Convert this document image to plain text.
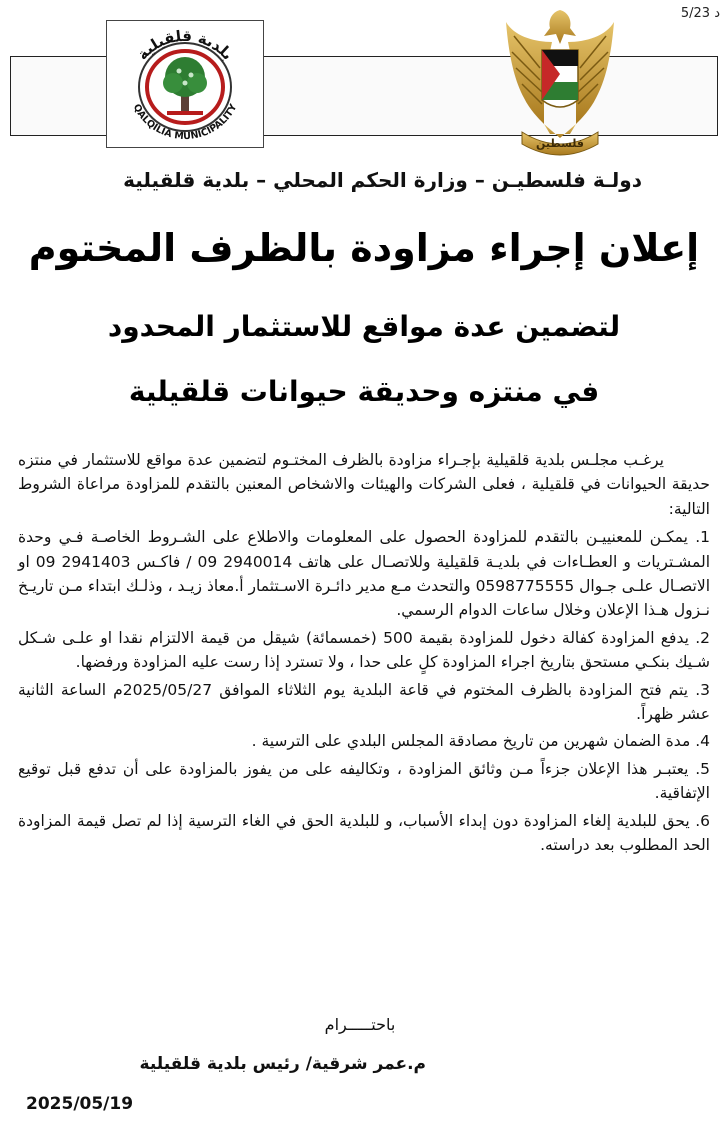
5/23 د
بلدية قلقيلية
QALQILIA MUNICIPALITY
فلسطين
دولـة فلسطيـن – وزارة الحكم المحلي – بلدية قلقيلية
إعلان إجراء مزاودة بالظرف المختوم
لتضمين عدة مواقع للاستثمار المحدود
في منتزه وحديقة حيوانات قلقيلية

يرغـب مجلـس بلدية قلقيلية بإجـراء مزاودة بالظرف المختـوم لتضمين عدة مواقع للاستثمار في منتزه حديقة الحيوانات في قلقيلية ، فعلى الشركات والهيئات والاشخاص المعنين بالتقدم للمزاودة مراعاة الشروط التالية:

1. يمكـن للمعنييـن بالتقدم للمزاودة الحصول على المعلومات والاطلاع على الشـروط الخاصـة فـي وحدة المشـتريات و العطـاءات في بلديـة قلقيلية وللاتصـال على هاتف 2940014 09 / فاكـس 2941403 09 او الاتصـال علـى جـوال 0598775555 والتحدث مـع مدير دائـرة الاسـتثمار أ.معاذ زيـد ، وذلـك ابتداء مـن تاريـخ نـزول هـذا الإعلان وخلال ساعات الدوام الرسمي.
2. يدفع المزاودة كفالة دخول للمزاودة بقيمة 500 (خمسمائة) شيقل من قيمة الالتزام نقدا او علـى شـكل شـيك بنكـي مستحق بتاريخ اجراء المزاودة كلٍ على حدا ، ولا تسترد إذا رست عليه المزاودة ورفضها.
3. يتم فتح المزاودة بالظرف المختوم في قاعة البلدية يوم الثلاثاء الموافق 2025/05/27م الساعة الثانية عشر ظهراً.
4. مدة الضمان شهرين من تاريخ مصادقة المجلس البلدي على الترسية .
5. يعتبـر هذا الإعلان جزءاً مـن وثائق المزاودة ، وتكاليفه على من يفوز بالمزاودة على أن تدفع قبل توقيع الإتفاقية.
6. يحق للبلدية إلغاء المزاودة دون إبداء الأسباب، و للبلدية الحق في الغاء الترسية إذا لم تصل قيمة المزاودة الحد المطلوب بعد دراسته.
باحتـــــرام
م.عمر شرقية/ رئيس بلدية قلقيلية
2025/05/19
